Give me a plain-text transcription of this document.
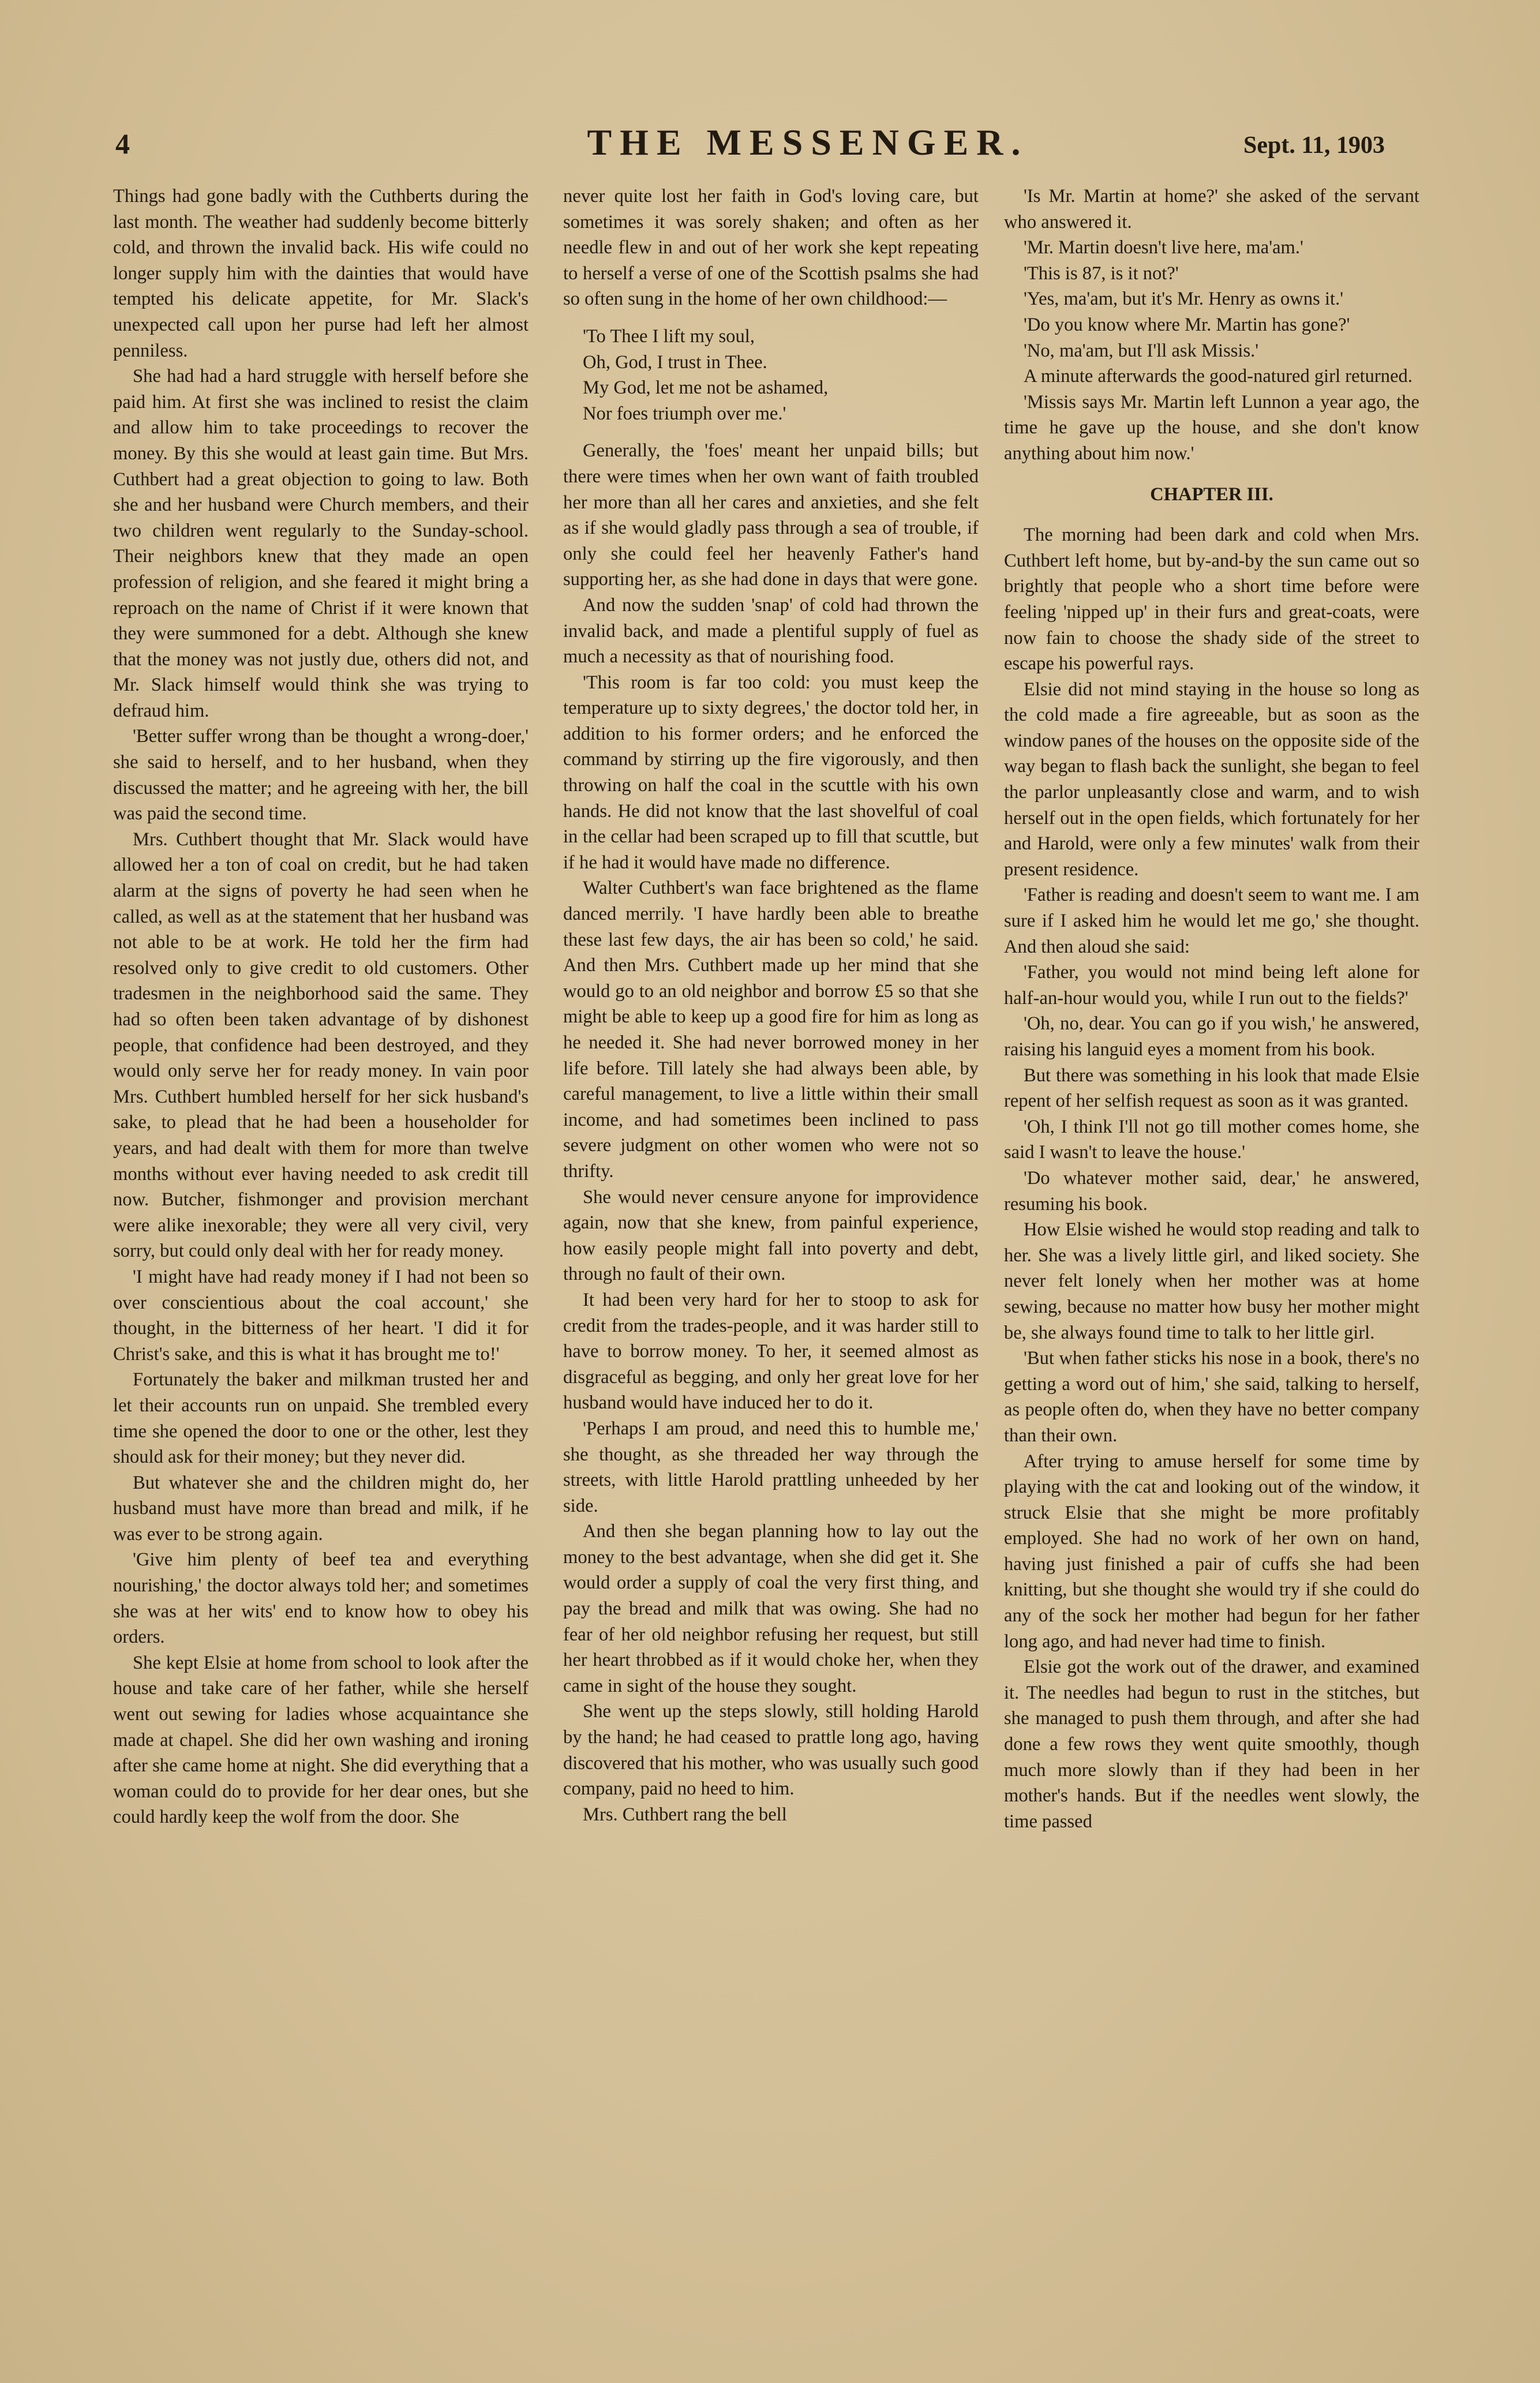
4	THE MESSENGER.	Sept. 11, 1903

Things had gone badly with the Cuthberts during the last month. The weather had suddenly become bitterly cold, and thrown the invalid back. His wife could no longer supply him with the dainties that would have tempted his delicate appetite, for Mr. Slack's unexpected call upon her purse had left her almost penniless.

She had had a hard struggle with herself before she paid him. At first she was inclined to resist the claim and allow him to take proceedings to recover the money. By this she would at least gain time. But Mrs. Cuthbert had a great objection to going to law. Both she and her husband were Church members, and their two children went regularly to the Sunday-school. Their neighbors knew that they made an open profession of religion, and she feared it might bring a reproach on the name of Christ if it were known that they were summoned for a debt. Although she knew that the money was not justly due, others did not, and Mr. Slack himself would think she was trying to defraud him.

'Better suffer wrong than be thought a wrong-doer,' she said to herself, and to her husband, when they discussed the matter; and he agreeing with her, the bill was paid the second time.

Mrs. Cuthbert thought that Mr. Slack would have allowed her a ton of coal on credit, but he had taken alarm at the signs of poverty he had seen when he called, as well as at the statement that her husband was not able to be at work. He told her the firm had resolved only to give credit to old customers. Other tradesmen in the neighborhood said the same. They had so often been taken advantage of by dishonest people, that confidence had been destroyed, and they would only serve her for ready money. In vain poor Mrs. Cuthbert humbled herself for her sick husband's sake, to plead that he had been a householder for years, and had dealt with them for more than twelve months without ever having needed to ask credit till now. Butcher, fishmonger and provision merchant were alike inexorable; they were all very civil, very sorry, but could only deal with her for ready money.

'I might have had ready money if I had not been so over conscientious about the coal account,' she thought, in the bitterness of her heart. 'I did it for Christ's sake, and this is what it has brought me to!'

Fortunately the baker and milkman trusted her and let their accounts run on unpaid. She trembled every time she opened the door to one or the other, lest they should ask for their money; but they never did.

But whatever she and the children might do, her husband must have more than bread and milk, if he was ever to be strong again.

'Give him plenty of beef tea and everything nourishing,' the doctor always told her; and sometimes she was at her wits' end to know how to obey his orders.

She kept Elsie at home from school to look after the house and take care of her father, while she herself went out sewing for ladies whose acquaintance she made at chapel. She did her own washing and ironing after she came home at night. She did everything that a woman could do to provide for her dear ones, but she could hardly keep the wolf from the door. She

never quite lost her faith in God's loving care, but sometimes it was sorely shaken; and often as her needle flew in and out of her work she kept repeating to herself a verse of one of the Scottish psalms she had so often sung in the home of her own childhood:—

'To Thee I lift my soul,
Oh, God, I trust in Thee.
My God, let me not be ashamed,
Nor foes triumph over me.'

Generally, the 'foes' meant her unpaid bills; but there were times when her own want of faith troubled her more than all her cares and anxieties, and she felt as if she would gladly pass through a sea of trouble, if only she could feel her heavenly Father's hand supporting her, as she had done in days that were gone.

And now the sudden 'snap' of cold had thrown the invalid back, and made a plentiful supply of fuel as much a necessity as that of nourishing food.

'This room is far too cold: you must keep the temperature up to sixty degrees,' the doctor told her, in addition to his former orders; and he enforced the command by stirring up the fire vigorously, and then throwing on half the coal in the scuttle with his own hands. He did not know that the last shovelful of coal in the cellar had been scraped up to fill that scuttle, but if he had it would have made no difference.

Walter Cuthbert's wan face brightened as the flame danced merrily. 'I have hardly been able to breathe these last few days, the air has been so cold,' he said. And then Mrs. Cuthbert made up her mind that she would go to an old neighbor and borrow £5 so that she might be able to keep up a good fire for him as long as he needed it. She had never borrowed money in her life before. Till lately she had always been able, by careful management, to live a little within their small income, and had sometimes been inclined to pass severe judgment on other women who were not so thrifty.

She would never censure anyone for improvidence again, now that she knew, from painful experience, how easily people might fall into poverty and debt, through no fault of their own.

It had been very hard for her to stoop to ask for credit from the trades-people, and it was harder still to have to borrow money. To her, it seemed almost as disgraceful as begging, and only her great love for her husband would have induced her to do it.

'Perhaps I am proud, and need this to humble me,' she thought, as she threaded her way through the streets, with little Harold prattling unheeded by her side.

And then she began planning how to lay out the money to the best advantage, when she did get it. She would order a supply of coal the very first thing, and pay the bread and milk that was owing. She had no fear of her old neighbor refusing her request, but still her heart throbbed as if it would choke her, when they came in sight of the house they sought.

She went up the steps slowly, still holding Harold by the hand; he had ceased to prattle long ago, having discovered that his mother, who was usually such good company, paid no heed to him.

Mrs. Cuthbert rang the bell

'Is Mr. Martin at home?' she asked of the servant who answered it.

'Mr. Martin doesn't live here, ma'am.'

'This is 87, is it not?'

'Yes, ma'am, but it's Mr. Henry as owns it.'

'Do you know where Mr. Martin has gone?'

'No, ma'am, but I'll ask Missis.'

A minute afterwards the good-natured girl returned.

'Missis says Mr. Martin left Lunnon a year ago, the time he gave up the house, and she don't know anything about him now.'

CHAPTER III.

The morning had been dark and cold when Mrs. Cuthbert left home, but by-and-by the sun came out so brightly that people who a short time before were feeling 'nipped up' in their furs and great-coats, were now fain to choose the shady side of the street to escape his powerful rays.

Elsie did not mind staying in the house so long as the cold made a fire agreeable, but as soon as the window panes of the houses on the opposite side of the way began to flash back the sunlight, she began to feel the parlor unpleasantly close and warm, and to wish herself out in the open fields, which fortunately for her and Harold, were only a few minutes' walk from their present residence.

'Father is reading and doesn't seem to want me. I am sure if I asked him he would let me go,' she thought. And then aloud she said:

'Father, you would not mind being left alone for half-an-hour would you, while I run out to the fields?'

'Oh, no, dear. You can go if you wish,' he answered, raising his languid eyes a moment from his book.

But there was something in his look that made Elsie repent of her selfish request as soon as it was granted.

'Oh, I think I'll not go till mother comes home, she said I wasn't to leave the house.'

'Do whatever mother said, dear,' he answered, resuming his book.

How Elsie wished he would stop reading and talk to her. She was a lively little girl, and liked society. She never felt lonely when her mother was at home sewing, because no matter how busy her mother might be, she always found time to talk to her little girl.

'But when father sticks his nose in a book, there's no getting a word out of him,' she said, talking to herself, as people often do, when they have no better company than their own.

After trying to amuse herself for some time by playing with the cat and looking out of the window, it struck Elsie that she might be more profitably employed. She had no work of her own on hand, having just finished a pair of cuffs she had been knitting, but she thought she would try if she could do any of the sock her mother had begun for her father long ago, and had never had time to finish.

Elsie got the work out of the drawer, and examined it. The needles had begun to rust in the stitches, but she managed to push them through, and after she had done a few rows they went quite smoothly, though much more slowly than if they had been in her mother's hands. But if the needles went slowly, the time passed
